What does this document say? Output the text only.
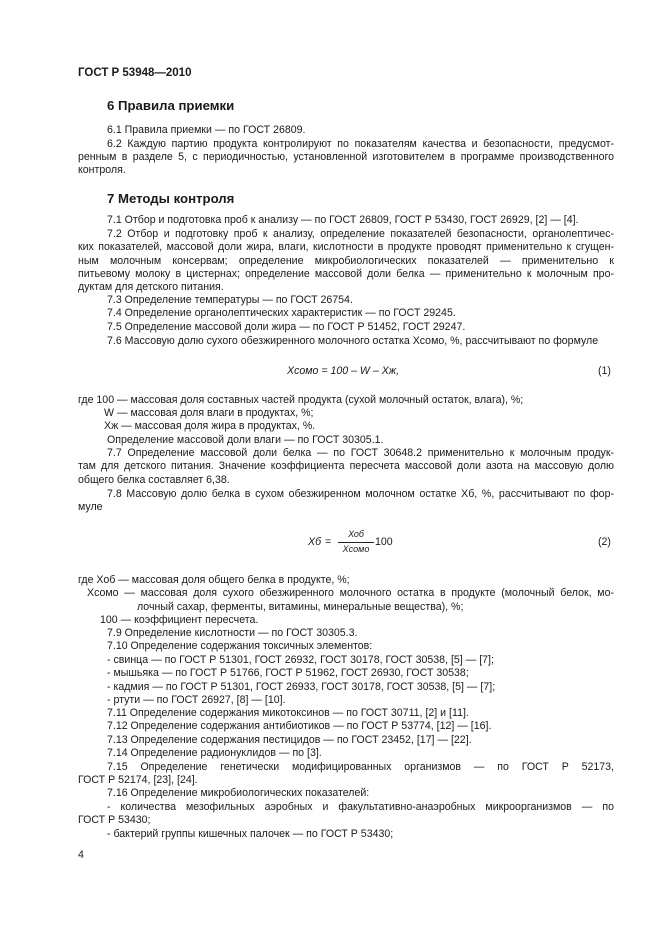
ГОСТ Р 53948—2010
6 Правила приемки
6.1 Правила приемки — по ГОСТ 26809.
6.2 Каждую партию продукта контролируют по показателям качества и безопасности, предусмот-
ренным в разделе 5, с периодичностью, установленной изготовителем в программе производственного
контроля.
7 Методы контроля
7.1 Отбор и подготовка проб к анализу — по ГОСТ 26809, ГОСТ Р 53430, ГОСТ 26929, [2] — [4].
7.2 Отбор и подготовку проб к анализу, определение показателей безопасности, органолептичес-
ких показателей, массовой доли жира, влаги, кислотности в продукте проводят применительно к сгущен-
ным молочным консервам; определение микробиологических показателей — применительно к
питьевому молоку в цистернах; определение массовой доли белка — применительно к молочным про-
дуктам для детского питания.
7.3 Определение температуры — по ГОСТ 26754.
7.4 Определение органолептических характеристик — по ГОСТ 29245.
7.5 Определение массовой доли жира — по ГОСТ Р 51452, ГОСТ 29247.
7.6 Массовую долю сухого обезжиренного молочного остатка Хсомо, %, рассчитывают по формуле
Хсомо = 100 – W – Хж,	(1)
где 100 — массовая доля составных частей продукта (сухой молочный остаток, влага), %;
W — массовая доля влаги в продуктах, %;
Хж — массовая доля жира в продуктах, %.
Определение массовой доли влаги — по ГОСТ 30305.1.
7.7 Определение массовой доли белка — по ГОСТ 30648.2 применительно к молочным продук-
там для детского питания. Значение коэффициента пересчета массовой доли азота на массовую долю
общего белка составляет 6,38.
7.8 Массовую долю белка в сухом обезжиренном молочном остатке Хб, %, рассчитывают по фор-
муле
Хб =
Хоб
Хсомо
100	(2)
где Хоб — массовая доля общего белка в продукте, %;
Хсомо — массовая доля сухого обезжиренного молочного остатка в продукте (молочный белок, мо-
лочный сахар, ферменты, витамины, минеральные вещества), %;
100 — коэффициент пересчета.
7.9 Определение кислотности — по ГОСТ 30305.3.
7.10 Определение содержания токсичных элементов:
- свинца — по ГОСТ Р 51301, ГОСТ 26932, ГОСТ 30178, ГОСТ 30538, [5] — [7];
- мышьяка — по ГОСТ Р 51766, ГОСТ Р 51962, ГОСТ 26930, ГОСТ 30538;
- кадмия — по ГОСТ Р 51301, ГОСТ 26933, ГОСТ 30178, ГОСТ 30538, [5] — [7];
- ртути — по ГОСТ 26927, [8] — [10].
7.11 Определение содержания микотоксинов — по ГОСТ 30711, [2] и [11].
7.12 Определение содержания антибиотиков — по ГОСТ Р 53774, [12] — [16].
7.13 Определение содержания пестицидов — по ГОСТ 23452, [17] — [22].
7.14 Определение радионуклидов — по [3].
7.15 Определение генетически модифицированных организмов — по ГОСТ Р 52173,
ГОСТ Р 52174, [23], [24].
7.16 Определение микробиологических показателей:
- количества мезофильных аэробных и факультативно-анаэробных микроорганизмов — по
ГОСТ Р 53430;
- бактерий группы кишечных палочек — по ГОСТ Р 53430;
4
